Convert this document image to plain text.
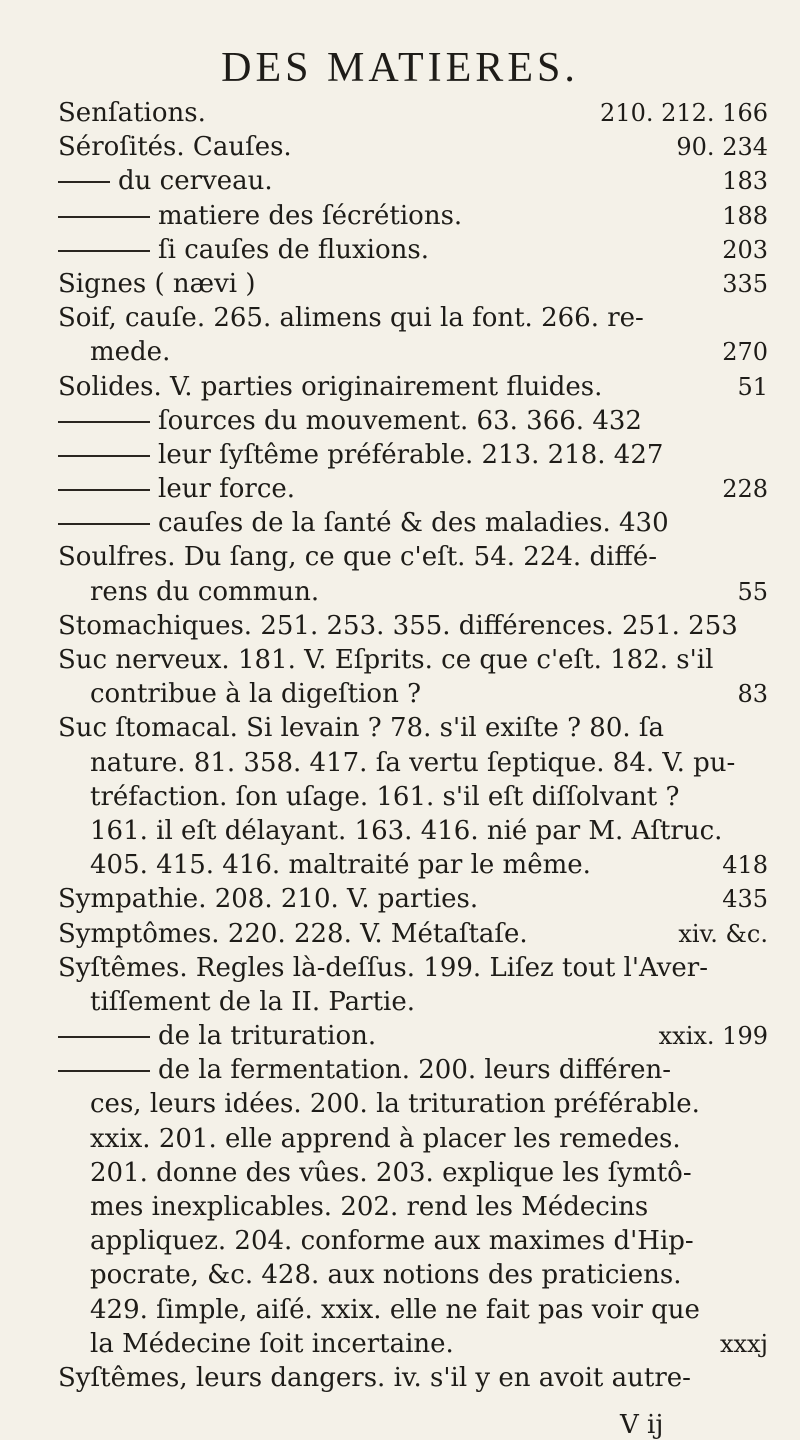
DES MATIERES.
Senſations.	210. 212. 166
Séroſités. Cauſes.	90. 234
du cerveau.	183
matiere des ſécrétions.	188
ſi cauſes de fluxions.	203
Signes ( nævi )	335
Soif, cauſe. 265. alimens qui la font. 266. re-
mede.	270
Solides. V. parties originairement fluides.	51
ſources du mouvement. 63. 366. 432
leur ſyſtême préférable. 213. 218. 427
leur force.	228
cauſes de la ſanté & des maladies. 430
Soulfres. Du ſang, ce que c'eſt. 54. 224. diffé-
rens du commun.	55
Stomachiques. 251. 253. 355. différences. 251. 253
Suc nerveux. 181. V. Eſprits. ce que c'eſt. 182. s'il
contribue à la digeſtion ?	83
Suc ſtomacal. Si levain ? 78. s'il exiſte ? 80. ſa
nature. 81. 358. 417. ſa vertu ſeptique. 84. V. pu-
tréfaction. ſon uſage. 161. s'il eſt diſſolvant ?
161. il eſt délayant. 163. 416. nié par M. Aſtruc.
405. 415. 416. maltraité par le même.	418
Sympathie. 208. 210. V. parties.	435
Symptômes. 220. 228. V. Métaſtaſe.	xiv. &c.
Syſtêmes. Regles là-deſſus. 199. Liſez tout l'Aver-
tiſſement de la II. Partie.
de la trituration.	xxix. 199
de la fermentation. 200. leurs différen-
ces, leurs idées. 200. la trituration préférable.
xxix. 201. elle apprend à placer les remedes.
201. donne des vûes. 203. explique les ſymtô-
mes inexplicables. 202. rend les Médecins
appliquez. 204. conforme aux maximes d'Hip-
pocrate, &c. 428. aux notions des praticiens.
429. ſimple, aiſé. xxix. elle ne fait pas voir que
la Médecine ſoit incertaine.	xxxj
Syſtêmes, leurs dangers. iv. s'il y en avoit autre-
V ij
